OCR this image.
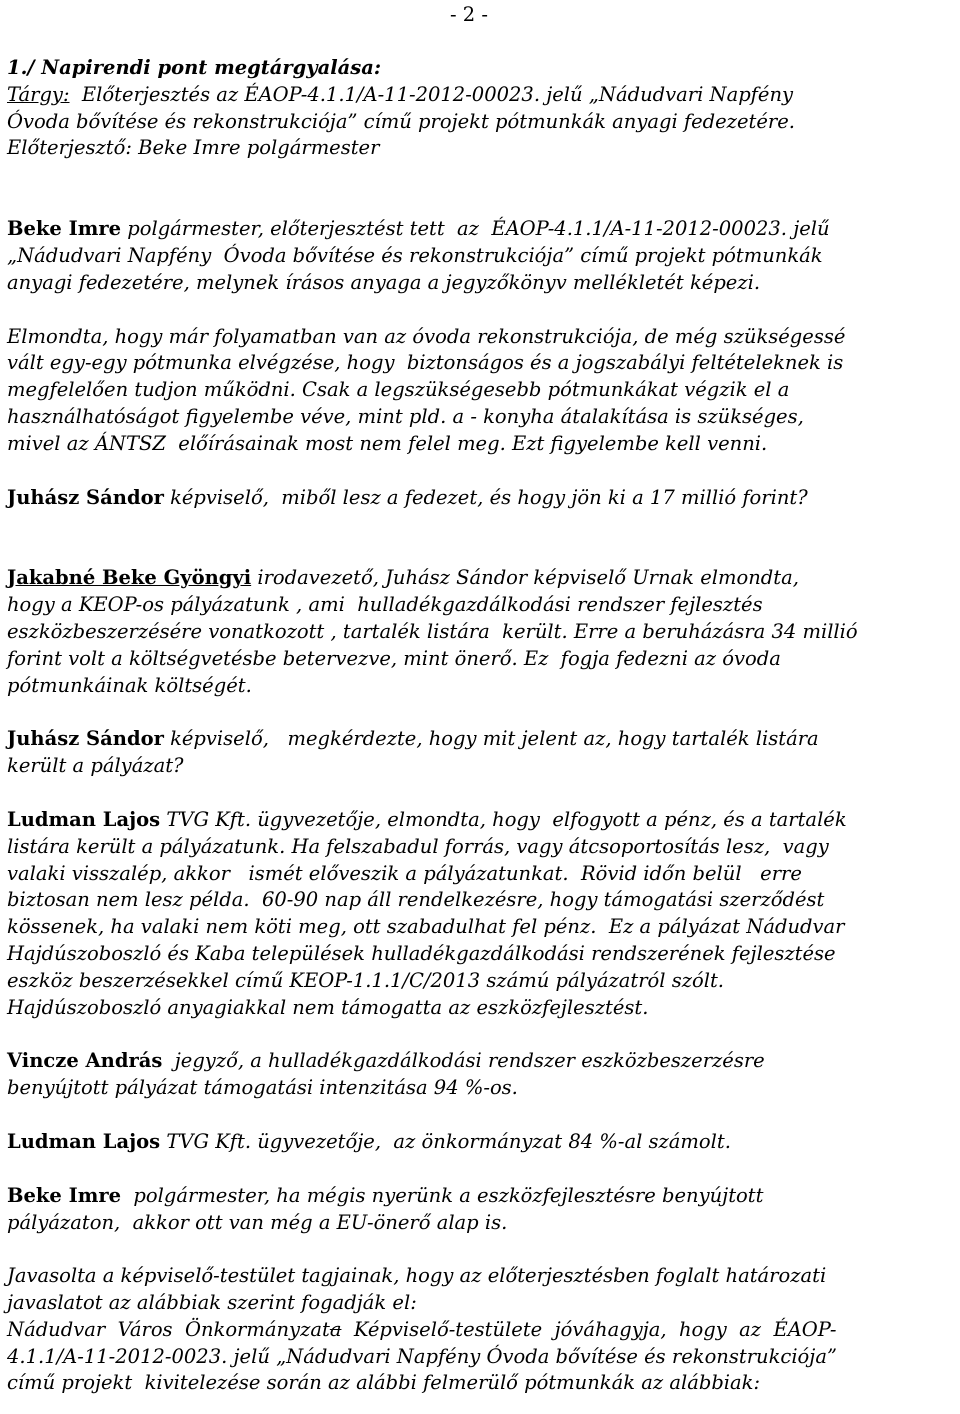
- 2 -

1./ Napirendi pont megtárgyalása:

Tárgy:  Előterjesztés az ÉAOP-4.1.1/A-11-2012-00023. jelű „Nádudvari Napfény

Óvoda bővítése és rekonstrukciója” című projekt pótmunkák anyagi fedezetére.

Előterjesztő: Beke Imre polgármester

Beke Imre polgármester, előterjesztést tett  az  ÉAOP-4.1.1/A-11-2012-00023. jelű

„Nádudvari Napfény  Óvoda bővítése és rekonstrukciója” című projekt pótmunkák

anyagi fedezetére, melynek írásos anyaga a jegyzőkönyv mellékletét képezi.

Elmondta, hogy már folyamatban van az óvoda rekonstrukciója, de még szükségessé

vált egy-egy pótmunka elvégzése, hogy  biztonságos és a jogszabályi feltételeknek is

megfelelően tudjon működni. Csak a legszükségesebb pótmunkákat végzik el a

használhatóságot figyelembe véve, mint pld. a - konyha átalakítása is szükséges,

mivel az ÁNTSZ  előírásainak most nem felel meg. Ezt figyelembe kell venni.

Juhász Sándor képviselő,  miből lesz a fedezet, és hogy jön ki a 17 millió forint?

Jakabné Beke Gyöngyi irodavezető, Juhász Sándor képviselő Urnak elmondta,

hogy a KEOP-os pályázatunk , ami  hulladékgazdálkodási rendszer fejlesztés

eszközbeszerzésére vonatkozott , tartalék listára  került. Erre a beruházásra 34 millió

forint volt a költségvetésbe betervezve, mint önerő. Ez  fogja fedezni az óvoda

pótmunkáinak költségét.

Juhász Sándor képviselő,   megkérdezte, hogy mit jelent az, hogy tartalék listára

került a pályázat?

Ludman Lajos TVG Kft. ügyvezetője, elmondta, hogy  elfogyott a pénz, és a tartalék

listára került a pályázatunk. Ha felszabadul forrás, vagy átcsoportosítás lesz,  vagy

valaki visszalép, akkor   ismét előveszik a pályázatunkat.  Rövid időn belül   erre

biztosan nem lesz példa.  60-90 nap áll rendelkezésre, hogy támogatási szerződést

kössenek, ha valaki nem köti meg, ott szabadulhat fel pénz.  Ez a pályázat Nádudvar

Hajdúszoboszló és Kaba települések hulladékgazdálkodási rendszerének fejlesztése

eszköz beszerzésekkel című KEOP-1.1.1/C/2013 számú pályázatról szólt.

Hajdúszoboszló anyagiakkal nem támogatta az eszközfejlesztést.

Vincze András  jegyző, a hulladékgazdálkodási rendszer eszközbeszerzésre

benyújtott pályázat támogatási intenzitása 94 %-os.

Ludman Lajos TVG Kft. ügyvezetője,  az önkormányzat 84 %-al számolt.

Beke Imre  polgármester, ha mégis nyerünk a eszközfejlesztésre benyújtott

pályázaton,  akkor ott van még a EU-önerő alap is.

Javasolta a képviselő-testület tagjainak, hogy az előterjesztésben foglalt határozati

javaslatot az alábbiak szerint fogadják el:

Nádudvar  Város  Önkormányzata  Képviselő-testülete  jóváhagyja,  hogy  az  ÉAOP-

4.1.1/A-11-2012-0023. jelű „Nádudvari Napfény Óvoda bővítése és rekonstrukciója”

című projekt  kivitelezése során az alábbi felmerülő pótmunkák az alábbiak:
